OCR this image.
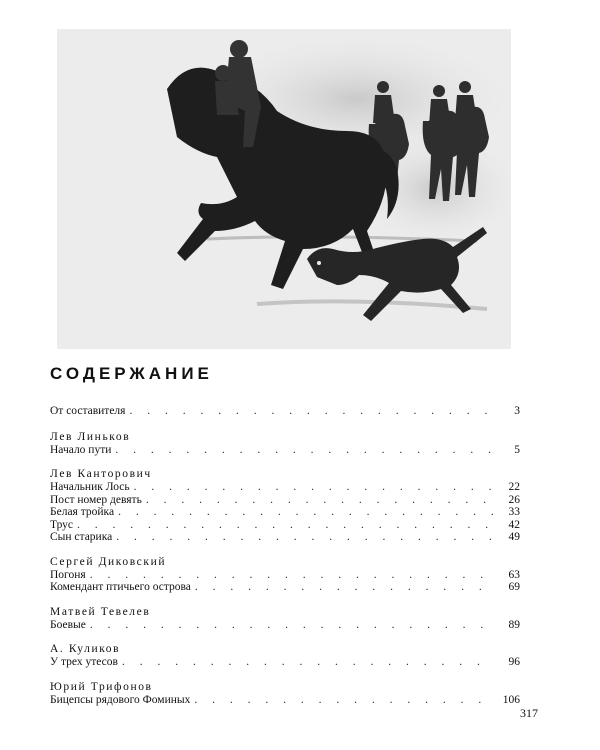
СОДЕРЖАНИЕ
От составителя . . .	3
Лев Линьков
Начало пути . . .	5
Лев Канторович
Начальник Лось . . .	22
Пост номер девять . . .	26
Белая тройка . . .	33
Трус . . .	42
Сын старика . . .	49
Сергей Диковский
Погоня . . .	63
Комендант птичьего острова . . .	69
Матвей Тевелев
Боевые . . .	89
А. Куликов
У трех утесов . . .	96
Юрий Трифонов
Бицепсы рядового Фоминых . . .	106
317
